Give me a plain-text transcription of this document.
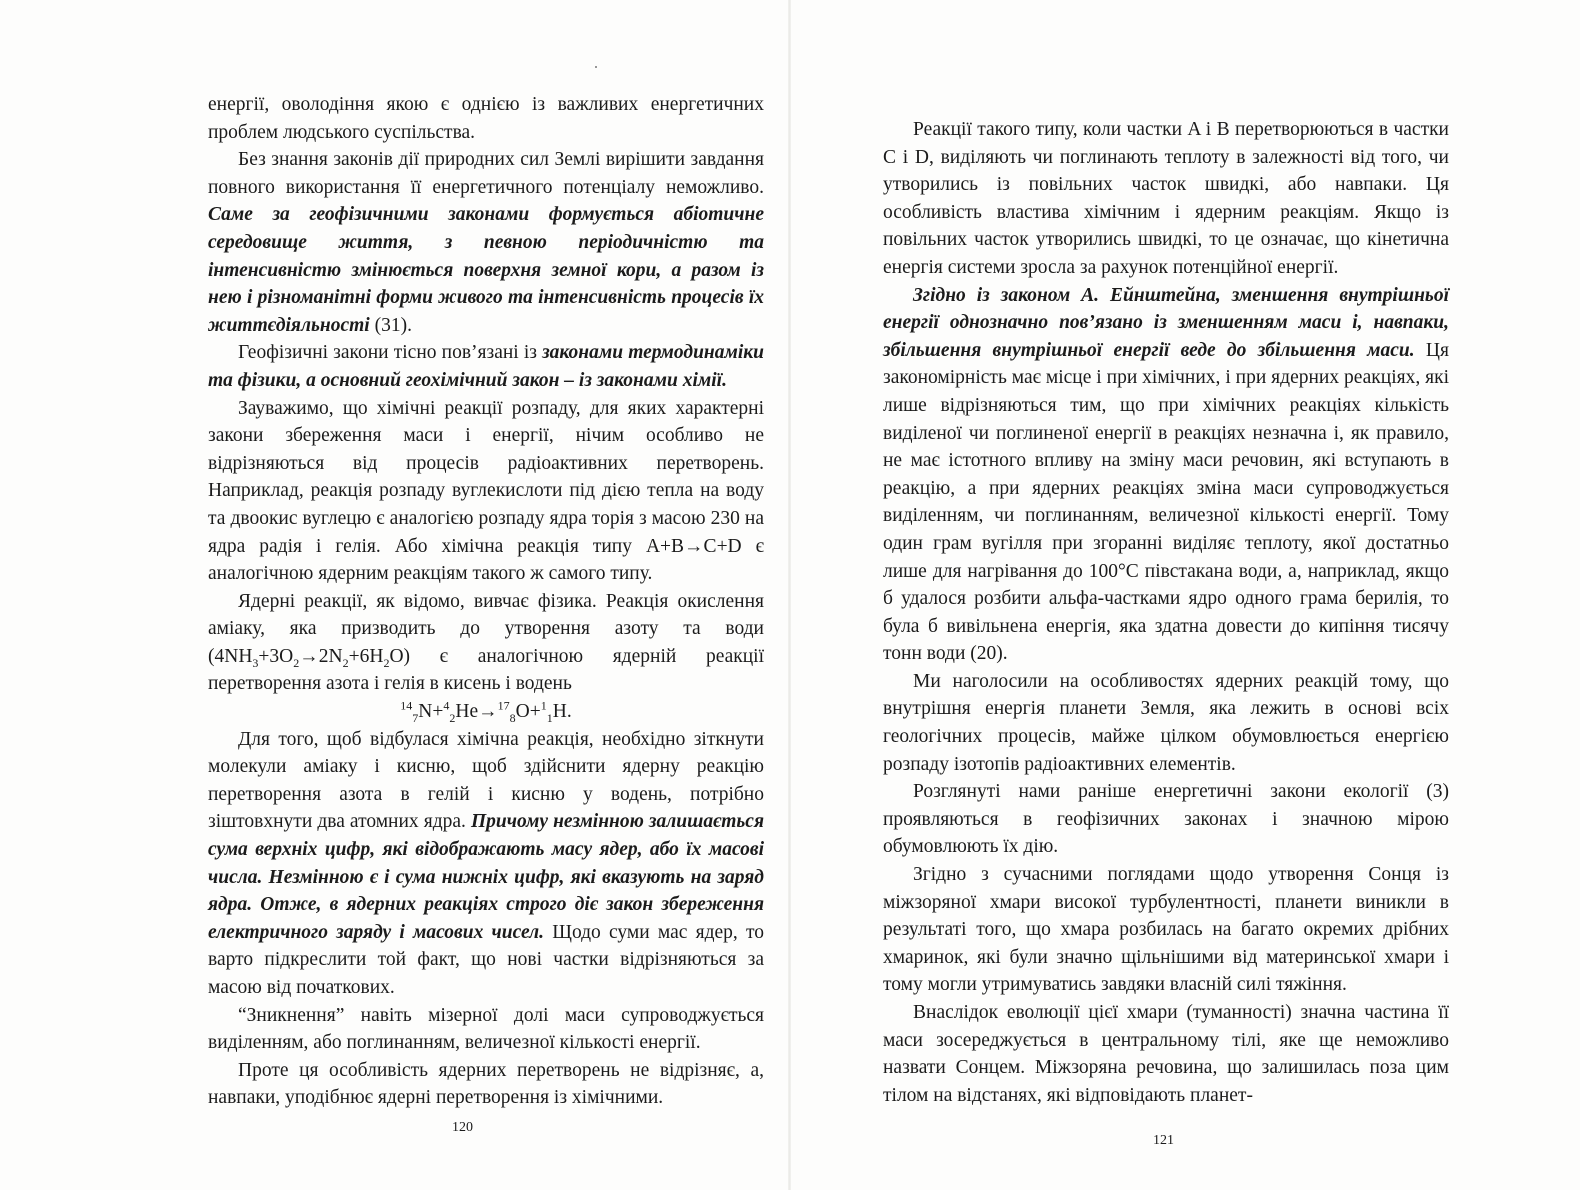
енергії, оволодіння якою є однією із важливих енергетичних проблем людського суспільства.

Без знання законів дії природних сил Землі вирішити завдання повного використання її енергетичного потенціалу неможливо. Саме за геофізичними законами формується абіотичне середовище життя, з певною періодичністю та інтенсивністю змінюється поверхня земної кори, а разом із нею і різноманітні форми живого та інтенсивність процесів їх життєдіяльності (31).

Геофізичні закони тісно пов’язані із законами термодинаміки та фізики, а основний геохімічний закон – із законами хімії.

Зауважимо, що хімічні реакції розпаду, для яких характерні закони збереження маси і енергії, нічим особливо не відрізняються від процесів радіоактивних перетворень. Наприклад, реакція розпаду вуглекислоти під дією тепла на воду та двоокис вуглецю є аналогією розпаду ядра торія з масою 230 на ядра радія і гелія. Або хімічна реакція типу A+B→C+D є аналогічною ядерним реакціям такого ж самого типу.

Ядерні реакції, як відомо, вивчає фізика. Реакція окислення аміаку, яка призводить до утворення азоту та води $(4NH_3+3O_2\to 2N_2+6H_2O)$ є аналогічною ядерній реакції перетворення азота і гелія в кисень і водень

$^{14}_7$N+$^4_2$He→$^{17}_8$O+$^1_1$H.

Для того, щоб відбулася хімічна реакція, необхідно зіткнути молекули аміаку і кисню, щоб здійснити ядерну реакцію перетворення азота в гелій і кисню у водень, потрібно зіштовхнути два атомних ядра. Причому незмінною залишається сума верхніх цифр, які відображають масу ядер, або їх масові числа. Незмінною є і сума нижніх цифр, які вказують на заряд ядра. Отже, в ядерних реакціях строго діє закон збереження електричного заряду і масових чисел. Щодо суми мас ядер, то варто підкреслити той факт, що нові частки відрізняються за масою від початкових.

“Зникнення” навіть мізерної долі маси супроводжується виділенням, або поглинанням, величезної кількості енергії.

Проте ця особливість ядерних перетворень не відрізняє, а, навпаки, уподібнює ядерні перетворення із хімічними.

120

Реакції такого типу, коли частки A і B перетворюються в частки C і D, виділяють чи поглинають теплоту в залежності від того, чи утворились із повільних часток швидкі, або навпаки. Ця особливість властива хімічним і ядерним реакціям. Якщо із повільних часток утворились швидкі, то це означає, що кінетична енергія системи зросла за рахунок потенційної енергії.

Згідно із законом А. Ейнштейна, зменшення внутрішньої енергії однозначно пов’язано із зменшенням маси і, навпаки, збільшення внутрішньої енергії веде до збільшення маси. Ця закономірність має місце і при хімічних, і при ядерних реакціях, які лише відрізняються тим, що при хімічних реакціях кількість виділеної чи поглиненої енергії в реакціях незначна і, як правило, не має істотного впливу на зміну маси речовин, які вступають в реакцію, а при ядерних реакціях зміна маси супроводжується виділенням, чи поглинанням, величезної кількості енергії. Тому один грам вугілля при згоранні виділяє теплоту, якої достатньо лише для нагрівання до 100°C півстакана води, а, наприклад, якщо б удалося розбити альфа-частками ядро одного грама берилія, то була б вивільнена енергія, яка здатна довести до кипіння тисячу тонн води (20).

Ми наголосили на особливостях ядерних реакцій тому, що внутрішня енергія планети Земля, яка лежить в основі всіх геологічних процесів, майже цілком обумовлюється енергією розпаду ізотопів радіоактивних елементів.

Розглянуті нами раніше енергетичні закони екології (3) проявляються в геофізичних законах і значною мірою обумовлюють їх дію.

Згідно з сучасними поглядами щодо утворення Сонця із міжзоряної хмари високої турбулентності, планети виникли в результаті того, що хмара розбилась на багато окремих дрібних хмаринок, які були значно щільнішими від материнської хмари і тому могли утримуватись завдяки власній силі тяжіння.

Внаслідок еволюції цієї хмари (туманності) значна частина її маси зосереджується в центральному тілі, яке ще неможливо назвати Сонцем. Міжзоряна речовина, що залишилась поза цим тілом на відстанях, які відповідають планет-

121
